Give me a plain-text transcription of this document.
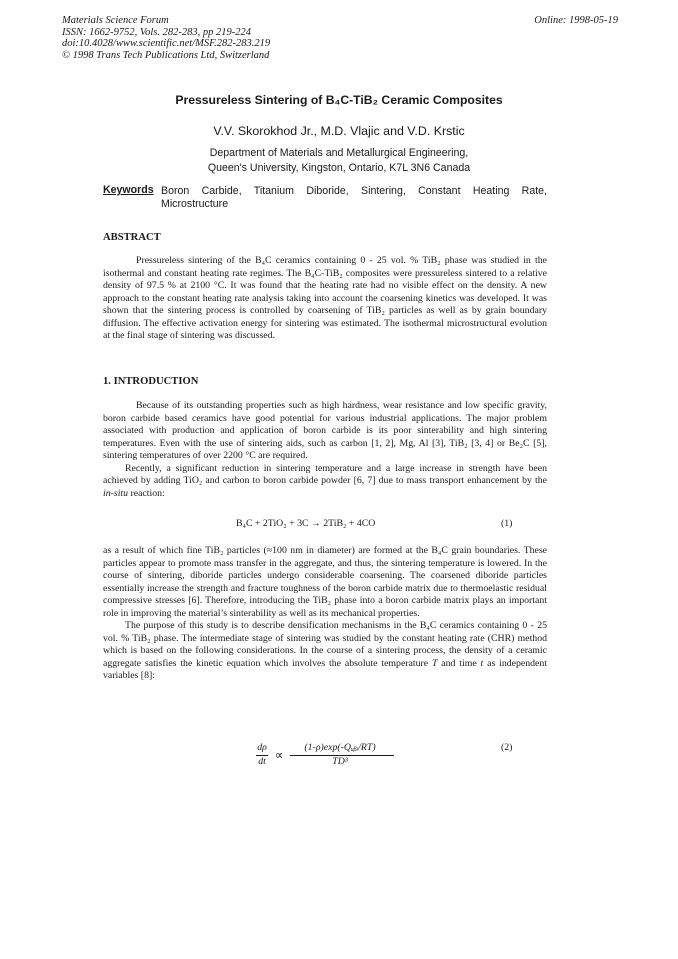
Materials Science Forum
ISSN: 1662-9752, Vols. 282-283, pp 219-224
doi:10.4028/www.scientific.net/MSF.282-283.219
© 1998 Trans Tech Publications Ltd, Switzerland
Online: 1998-05-19
Pressureless Sintering of B₄C-TiB₂ Ceramic Composites
V.V. Skorokhod Jr., M.D. Vlajic and V.D. Krstic
Department of Materials and Metallurgical Engineering,
Queen's University, Kingston, Ontario, K7L 3N6 Canada
Keywords Boron Carbide, Titanium Diboride, Sintering, Constant Heating Rate,
Microstructure
ABSTRACT

Pressureless sintering of the B₄C ceramics containing 0 - 25 vol. % TiB₂ phase was studied in the isothermal and constant heating rate regimes. The B₄C-TiB₂ composites were pressureless sintered to a relative density of 97.5 % at 2100 °C. It was found that the heating rate had no visible effect on the density. A new approach to the constant heating rate analysis taking into account the coarsening kinetics was developed. It was shown that the sintering process is controlled by coarsening of TiB₂ particles as well as by grain boundary diffusion. The effective activation energy for sintering was estimated. The isothermal microstructural evolution at the final stage of sintering was discussed.

1. INTRODUCTION

Because of its outstanding properties such as high hardness, wear resistance and low specific gravity, boron carbide based ceramics have good potential for various industrial applications. The major problem associated with production and application of boron carbide is its poor sinterability and high sintering temperatures. Even with the use of sintering aids, such as carbon [1, 2], Mg, Al [3], TiB₂ [3, 4] or Be₂C [5], sintering temperatures of over 2200 °C are required.

Recently, a significant reduction in sintering temperature and a large increase in strength have been achieved by adding TiO₂ and carbon to boron carbide powder [6, 7] due to mass transport enhancement by the in-situ reaction:

B₄C + 2TiO₂ + 3C → 2TiB₂ + 4CO	(1)

as a result of which fine TiB₂ particles (≈100 nm in diameter) are formed at the B₄C grain boundaries. These particles appear to promote mass transfer in the aggregate, and thus, the sintering temperature is lowered. In the course of sintering, diboride particles undergo considerable coarsening. The coarsened diboride particles essentially increase the strength and fracture toughness of the boron carbide matrix due to thermoelastic residual compressive stresses [6]. Therefore, introducing the TiB₂ phase into a boron carbide matrix plays an important role in improving the material’s sinterability as well as its mechanical properties.

The purpose of this study is to describe densification mechanisms in the B₄C ceramics containing 0 - 25 vol. % TiB₂ phase. The intermediate stage of sintering was studied by the constant heating rate (CHR) method which is based on the following considerations. In the course of a sintering process, the density of a ceramic aggregate satisfies the kinetic equation which involves the absolute temperature T and time t as independent variables [8]:

dρ
dt ∝
(1-ρ)exp(-Qᵤᵦᵢ/RT)
TD³
(2)
